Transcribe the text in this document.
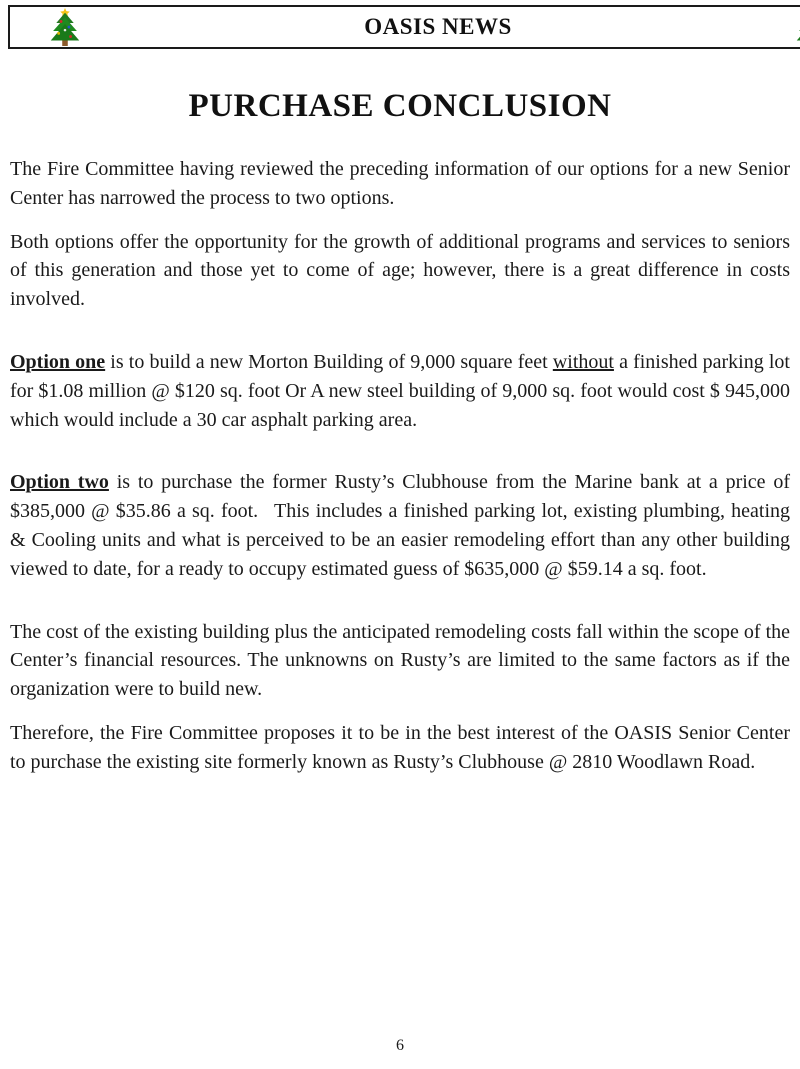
OASIS NEWS
PURCHASE CONCLUSION

The Fire Committee having reviewed the preceding information of our options for a new Senior Center has narrowed the process to two options.

Both options offer the opportunity for the growth of additional programs and services to seniors of this generation and those yet to come of age; however, there is a great difference in costs involved.

Option one is to build a new Morton Building of 9,000 square feet without a finished parking lot for $1.08 million @ $120 sq. foot Or A new steel building of 9,000 sq. foot would cost $ 945,000 which would include a 30 car asphalt parking area.

Option two is to purchase the former Rusty’s Clubhouse from the Marine bank at a price of $385,000 @ $35.86 a sq. foot.  This includes a finished parking lot, existing plumbing, heating & Cooling units and what is perceived to be an easier remodeling effort than any other building viewed to date, for a ready to occupy estimated guess of $635,000 @ $59.14 a sq. foot.

The cost of the existing building plus the anticipated remodeling costs fall within the scope of the Center’s financial resources. The unknowns on Rusty’s are limited to the same factors as if the organization were to build new.

Therefore, the Fire Committee proposes it to be in the best interest of the OASIS Senior Center to purchase the existing site formerly known as Rusty’s Clubhouse @ 2810 Woodlawn Road.

6
